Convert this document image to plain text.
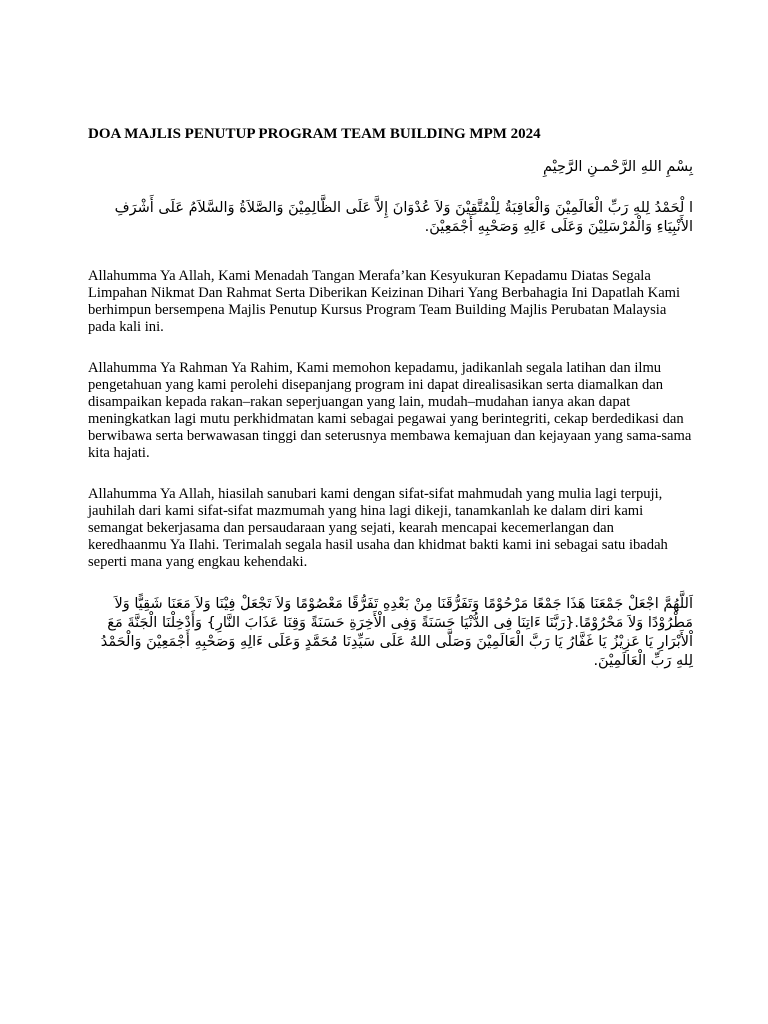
DOA MAJLIS PENUTUP PROGRAM TEAM BUILDING MPM 2024
بِسْمِ اللهِ الرَّحْمـنِ الرَّحِيْمِ
ا ﻟْﺤَﻤْﺪُ ﻟِﻠﻪِ رَبِّ ﺍﻟْﻌَﺎﻟَﻤِﻴْﻦَ ﻭَﺍﻟْﻌَﺎﻗِﺒَﺔُ ﻟِﻠْﻤُﺘَّﻘِﻴْﻦَ ﻭَﻻَ ﻋُﺪْﻭَﺍﻥَ ﺇِﻻَّ ﻋَﻠَﻰ ﺍﻟﻈَّﺎﻟِﻤِﻴْﻦَ ﻭَﺍﻟﺼَّﻼَﺓُ ﻭَﺍﻟﺴَّﻼَﻡُ ﻋَﻠَﻰ ﺃَﺷْﺮَﻑِ ﺍﻷَﻧْﺒِﻴَﺎﺀِ ﻭَﺍﻟْﻤُﺮْﺳَﻠِﻴْﻦَ ﻭَﻋَﻠَﻰ ﺀَﺍﻟِﻪِ ﻭَﺻَﺤْﺒِﻪِ ﺃَﺟْﻤَﻌِﻴْﻦَ.

Allahumma Ya Allah, Kami Menadah Tangan Merafa’kan Kesyukuran Kepadamu Diatas Segala Limpahan Nikmat Dan Rahmat Serta Diberikan Keizinan Dihari Yang Berbahagia Ini Dapatlah Kami berhimpun bersempena Majlis Penutup Kursus Program Team Building Majlis Perubatan Malaysia pada kali ini.

Allahumma Ya Rahman Ya Rahim, Kami memohon kepadamu, jadikanlah segala latihan dan ilmu pengetahuan yang kami perolehi disepanjang program ini dapat direalisasikan serta diamalkan dan disampaikan kepada rakan–rakan seperjuangan yang lain, mudah–mudahan ianya akan dapat meningkatkan lagi mutu perkhidmatan kami sebagai pegawai yang berintegriti, cekap berdedikasi dan berwibawa serta berwawasan tinggi dan seterusnya membawa kemajuan dan kejayaan yang sama-sama kita hajati.

Allahumma Ya Allah, hiasilah sanubari kami dengan sifat-sifat mahmudah yang mulia lagi terpuji, jauhilah dari kami sifat-sifat mazmumah yang hina lagi dikeji, tanamkanlah ke dalam diri kami semangat bekerjasama dan persaudaraan yang sejati, kearah mencapai kecemerlangan dan keredhaanmu Ya Ilahi. Terimalah segala hasil usaha dan khidmat bakti kami ini sebagai satu ibadah seperti mana yang engkau kehendaki.

اَللَّهُمَّ اجْعَلْ جَمْعَنَا هَذَا جَمْعًا مَرْحُوْمًا وَتَفَرُّقَنَا مِنْ بَعْدِهِ تَفَرُّقًا مَعْصُوْمًا وَلاَ تَجْعَلْ فِيْنَا وَلاَ مَعَنَا شَقِيًّا وَلاَ مَطْرُوْدًا وَلاَ مَحْرُوْمًا.{رَبَّنَا ءَاتِنَا فِى الدُّنْيَا حَسَنَةً وَفِى الْأَخِرَةِ حَسَنَةً وَقِنَا عَذَابَ النَّارِ} وَأَدْخِلْنَا الْجَنَّةَ مَعَ اْلأَبْرَارِ يَا عَزِيْزُ يَا غَفَّارُ يَا رَبَّ الْعَالَمِيْنَ وَصَلَّى اللهُ عَلَى سَيِّدِنَا مُحَمَّدٍ وَعَلَى ءَالِهِ وَصَحْبِهِ أَجْمَعِيْنَ وَالْحَمْدُ لِلهِ رَبِّ الْعَالَمِيْنَ.
